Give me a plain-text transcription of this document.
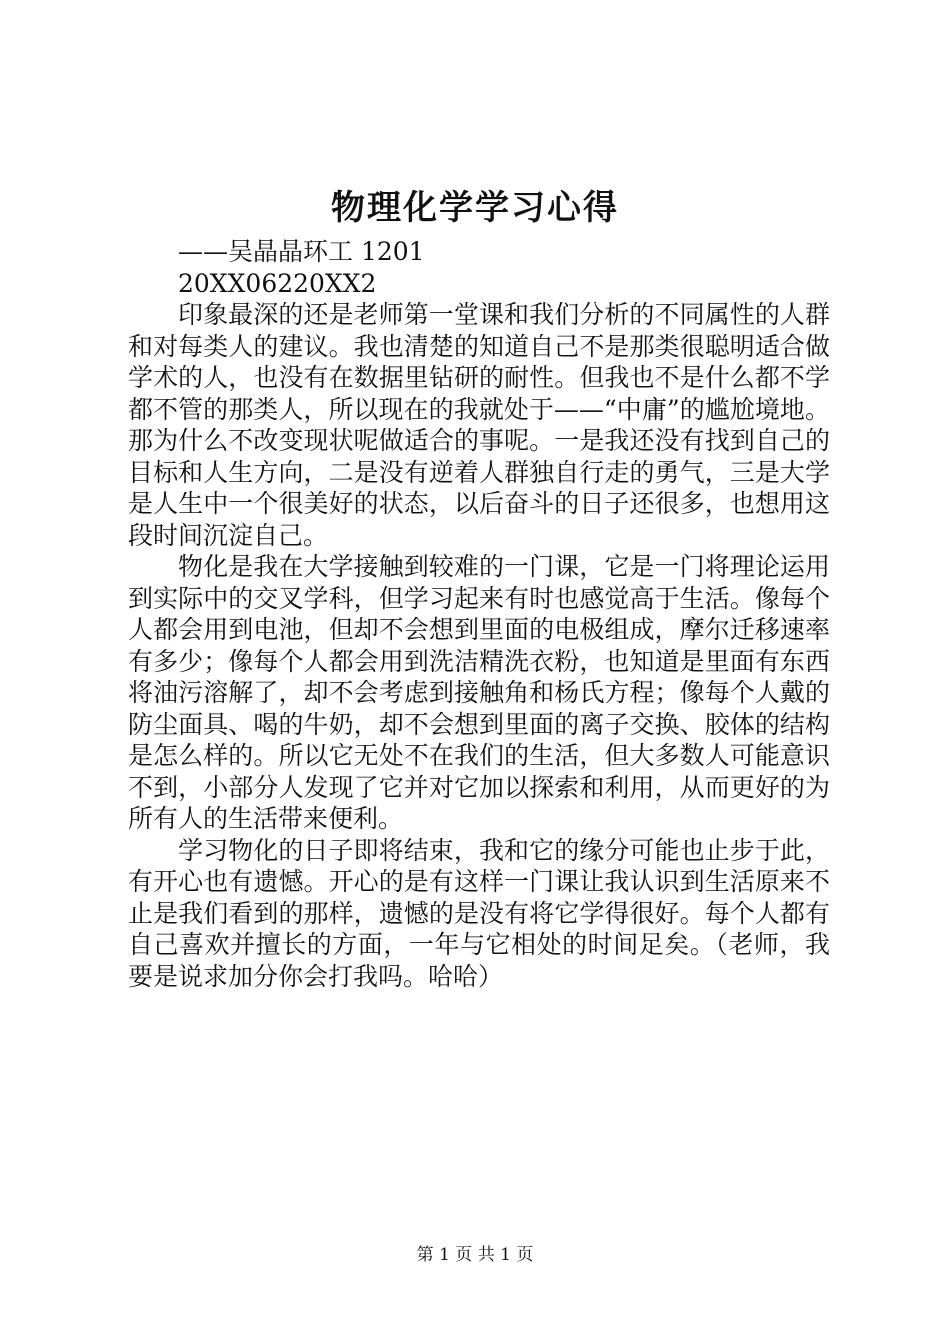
物理化学学习心得

——吴晶晶环工 1201

20XX06220XX2

印象最深的还是老师第一堂课和我们分析的不同属性的人群和对每类人的建议。我也清楚的知道自己不是那类很聪明适合做学术的人，也没有在数据里钻研的耐性。但我也不是什么都不学都不管的那类人，所以现在的我就处于——“中庸”的尴尬境地。那为什么不改变现状呢做适合的事呢。一是我还没有找到自己的目标和人生方向，二是没有逆着人群独自行走的勇气，三是大学是人生中一个很美好的状态，以后奋斗的日子还很多，也想用这段时间沉淀自己。

物化是我在大学接触到较难的一门课，它是一门将理论运用到实际中的交叉学科，但学习起来有时也感觉高于生活。像每个人都会用到电池，但却不会想到里面的电极组成，摩尔迁移速率有多少；像每个人都会用到洗洁精洗衣粉，也知道是里面有东西将油污溶解了，却不会考虑到接触角和杨氏方程；像每个人戴的防尘面具、喝的牛奶，却不会想到里面的离子交换、胶体的结构是怎么样的。所以它无处不在我们的生活，但大多数人可能意识不到，小部分人发现了它并对它加以探索和利用，从而更好的为所有人的生活带来便利。

学习物化的日子即将结束，我和它的缘分可能也止步于此，有开心也有遗憾。开心的是有这样一门课让我认识到生活原来不止是我们看到的那样，遗憾的是没有将它学得很好。每个人都有自己喜欢并擅长的方面，一年与它相处的时间足矣。（老师，我要是说求加分你会打我吗。哈哈）

第 1 页 共 1 页
